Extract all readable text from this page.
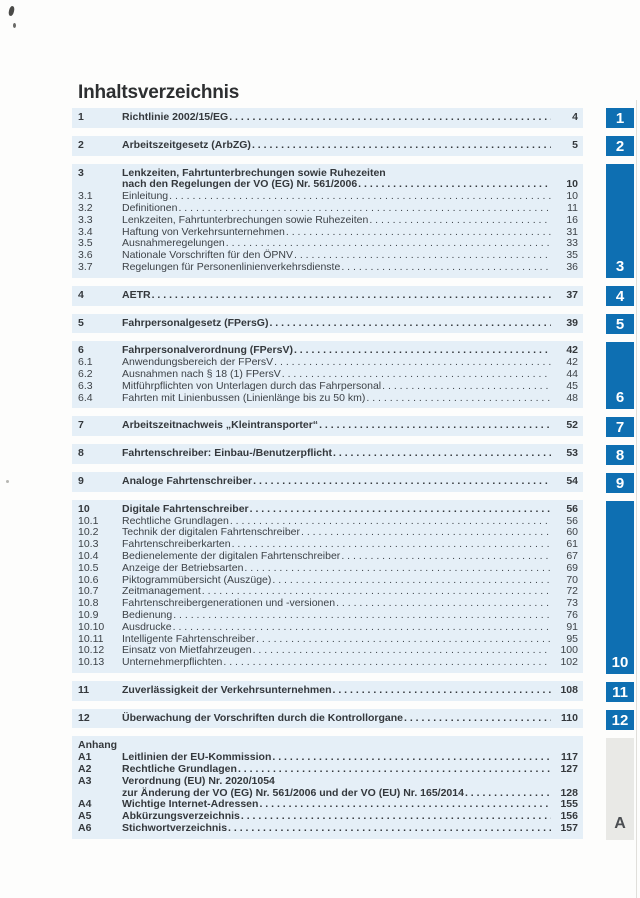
Inhaltsverzeichnis
1	Richtlinie 2002/15/EG . . .	4
2	Arbeitszeitgesetz (ArbZG) . . .	5
3	Lenkzeiten, Fahrtunterbrechungen sowie Ruhezeiten
nach den Regelungen der VO (EG) Nr. 561/2006 . . .	10
3.1	Einleitung . . .	10
3.2	Definitionen . . .	11
3.3	Lenkzeiten, Fahrtunterbrechungen sowie Ruhezeiten . . .	16
3.4	Haftung von Verkehrsunternehmen . . .	31
3.5	Ausnahmeregelungen . . .	33
3.6	Nationale Vorschriften für den ÖPNV . . .	35
3.7	Regelungen für Personenlinienverkehrsdienste . . .	36
4	AETR . . .	37
5	Fahrpersonalgesetz (FPersG) . . .	39
6	Fahrpersonalverordnung (FPersV) . . .	42
6.1	Anwendungsbereich der FPersV . . .	42
6.2	Ausnahmen nach § 18 (1) FPersV . . .	44
6.3	Mitführpflichten von Unterlagen durch das Fahrpersonal . . .	45
6.4	Fahrten mit Linienbussen (Linienlänge bis zu 50 km) . . .	48
7	Arbeitszeitnachweis „Kleintransporter“ . . .	52
8	Fahrtenschreiber: Einbau-/Benutzerpflicht . . .	53
9	Analoge Fahrtenschreiber . . .	54
10	Digitale Fahrtenschreiber . . .	56
10.1	Rechtliche Grundlagen . . .	56
10.2	Technik der digitalen Fahrtenschreiber . . .	60
10.3	Fahrtenschreiberkarten . . .	61
10.4	Bedienelemente der digitalen Fahrtenschreiber . . .	67
10.5	Anzeige der Betriebsarten . . .	69
10.6	Piktogrammübersicht (Auszüge) . . .	70
10.7	Zeitmanagement . . .	72
10.8	Fahrtenschreibergenerationen und -versionen . . .	73
10.9	Bedienung . . .	76
10.10	Ausdrucke . . .	91
10.11	Intelligente Fahrtenschreiber . . .	95
10.12	Einsatz von Mietfahrzeugen . . .	100
10.13	Unternehmerpflichten . . .	102
11	Zuverlässigkeit der Verkehrsunternehmen . . .	108
12	Überwachung der Vorschriften durch die Kontrollorgane . . .	110
Anhang
A1	Leitlinien der EU-Kommission . . .	117
A2	Rechtliche Grundlagen . . .	127
A3	Verordnung (EU) Nr. 2020/1054
zur Änderung der VO (EG) Nr. 561/2006 und der VO (EU) Nr. 165/2014 . . .	128
A4	Wichtige Internet-Adressen . . .	155
A5	Abkürzungsverzeichnis . . .	156
A6	Stichwortverzeichnis . . .	157
1
2
3
4
5
6
7
8
9
10
11
12
A
